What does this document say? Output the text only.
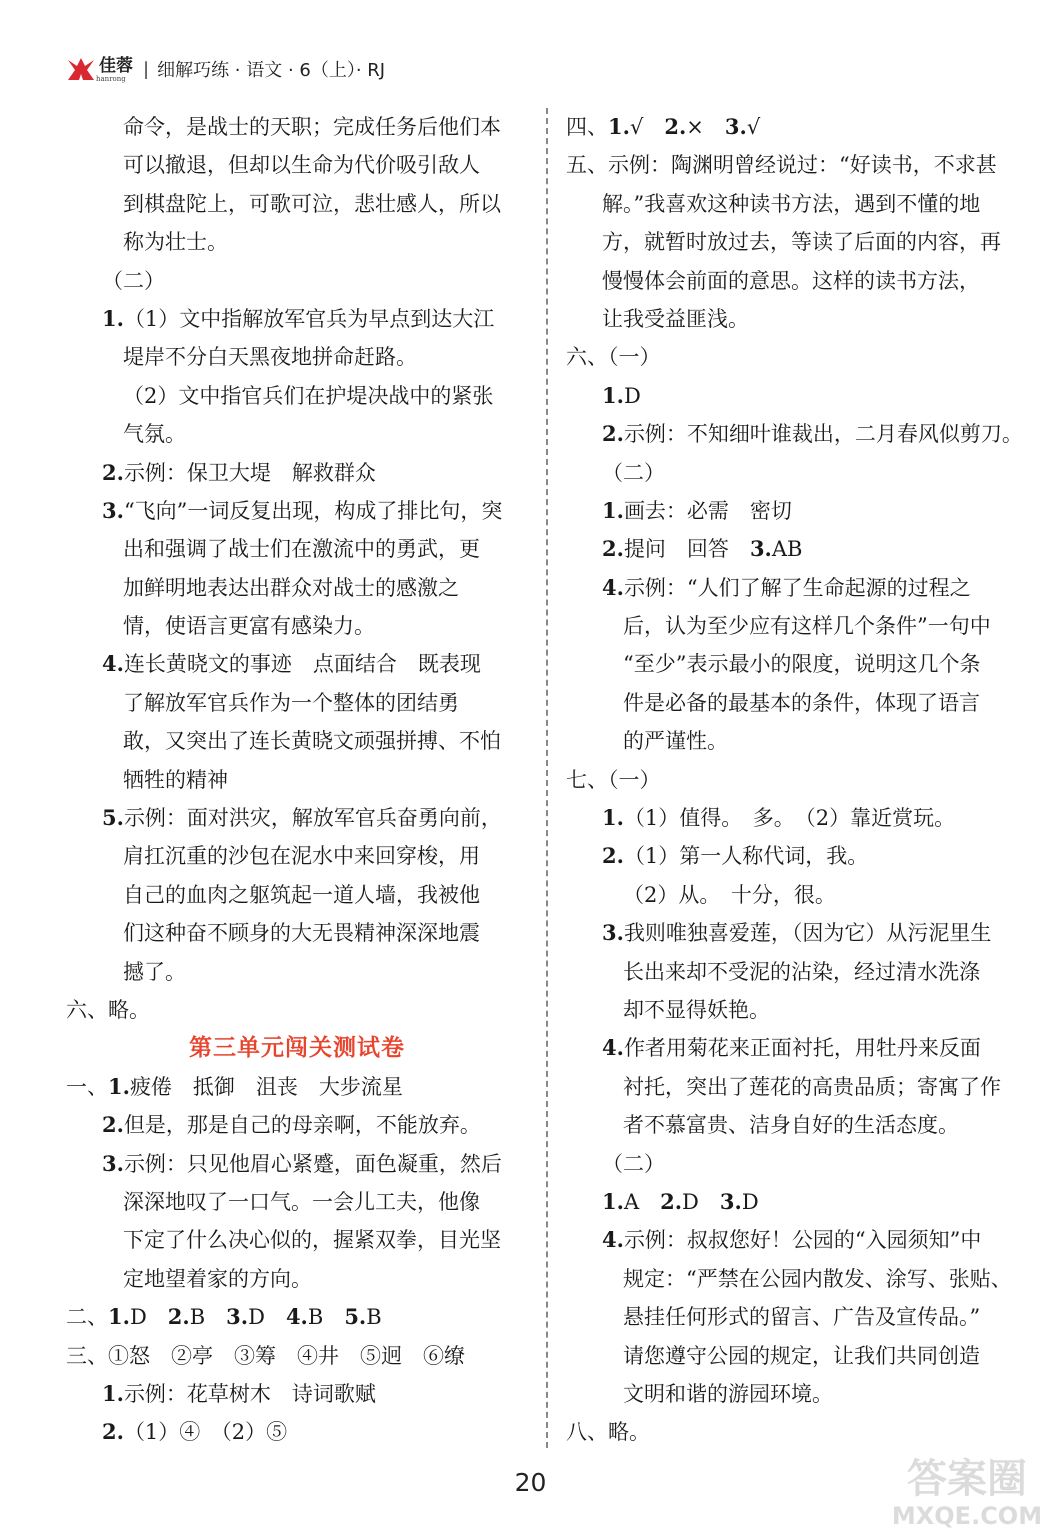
佳蓉
hanrong | 细解巧练 · 语文 · 6（上）· RJ
命令，是战士的天职；完成任务后他们本
可以撤退，但却以生命为代价吸引敌人
到棋盘陀上，可歌可泣，悲壮感人，所以
称为壮士。
（二）
1.（1）文中指解放军官兵为早点到达大江
堤岸不分白天黑夜地拼命赶路。
（2）文中指官兵们在护堤决战中的紧张
气氛。
2.示例：保卫大堤　解救群众
3.“飞向”一词反复出现，构成了排比句，突
出和强调了战士们在激流中的勇武，更
加鲜明地表达出群众对战士的感激之
情，使语言更富有感染力。
4.连长黄晓文的事迹　点面结合　既表现
了解放军官兵作为一个整体的团结勇
敢，又突出了连长黄晓文顽强拼搏、不怕
牺牲的精神
5.示例：面对洪灾，解放军官兵奋勇向前，
肩扛沉重的沙包在泥水中来回穿梭，用
自己的血肉之躯筑起一道人墙，我被他
们这种奋不顾身的大无畏精神深深地震
撼了。
六、略。
第三单元闯关测试卷
一、1.疲倦　抵御　沮丧　大步流星
2.但是，那是自己的母亲啊，不能放弃。
3.示例：只见他眉心紧蹙，面色凝重，然后
深深地叹了一口气。一会儿工夫，他像
下定了什么决心似的，握紧双拳，目光坚
定地望着家的方向。
二、1.D　2.B　3.D　4.B　5.B
三、①怒　②亭　③筹　④井　⑤迥　⑥缭
1.示例：花草树木　诗词歌赋
2.（1）④　（2）⑤
四、1.√　2.×　3.√
五、示例：陶渊明曾经说过：“好读书，不求甚
解。”我喜欢这种读书方法，遇到不懂的地
方，就暂时放过去，等读了后面的内容，再
慢慢体会前面的意思。这样的读书方法，
让我受益匪浅。
六、（一）
1.D
2.示例：不知细叶谁裁出，二月春风似剪刀。
（二）
1.画去：必需　密切
2.提问　回答　3.AB
4.示例：“人们了解了生命起源的过程之
后，认为至少应有这样几个条件”一句中
“至少”表示最小的限度，说明这几个条
件是必备的最基本的条件，体现了语言
的严谨性。
七、（一）
1.（1）值得。　多。　（2）靠近赏玩。
2.（1）第一人称代词，我。
（2）从。　十分，很。
3.我则唯独喜爱莲，（因为它）从污泥里生
长出来却不受泥的沾染，经过清水洗涤
却不显得妖艳。
4.作者用菊花来正面衬托，用牡丹来反面
衬托，突出了莲花的高贵品质；寄寓了作
者不慕富贵、洁身自好的生活态度。
（二）
1.A　2.D　3.D
4.示例：叔叔您好！公园的“入园须知”中
规定：“严禁在公园内散发、涂写、张贴、
悬挂任何形式的留言、广告及宣传品。”
请您遵守公园的规定，让我们共同创造
文明和谐的游园环境。
八、略。
20	答案圈
MXQE.COM
